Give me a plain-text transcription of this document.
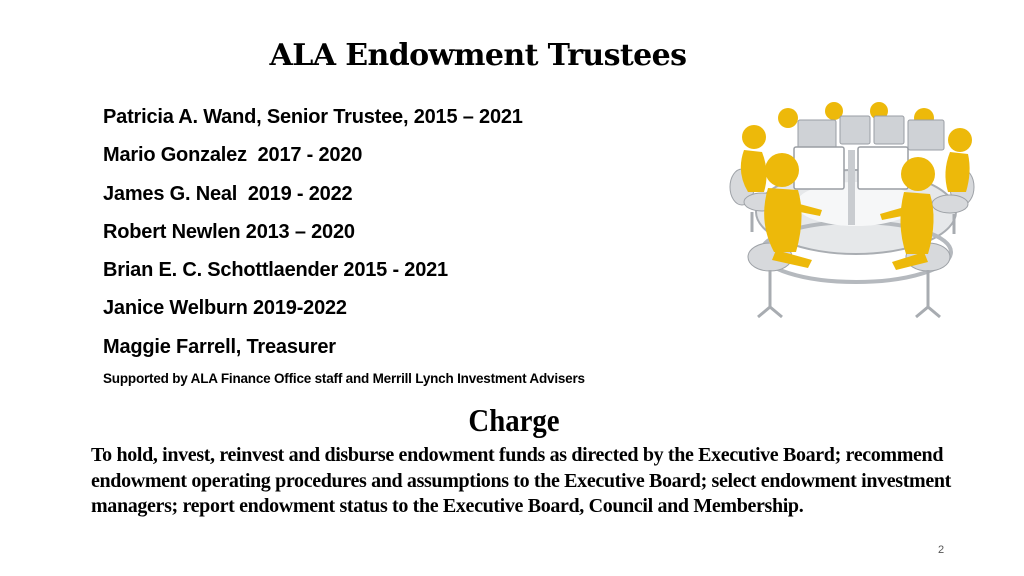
ALA Endowment Trustees
Patricia A. Wand, Senior Trustee, 2015 – 2021
Mario Gonzalez  2017 - 2020
James G. Neal  2019 - 2022
Robert Newlen 2013 – 2020
Brian E. C. Schottlaender 2015 - 2021
Janice Welburn 2019-2022
Maggie Farrell, Treasurer
Supported by ALA Finance Office staff and Merrill Lynch Investment Advisers
Charge
To hold, invest, reinvest and disburse endowment funds as directed by the Executive Board; recommend endowment operating procedures and assumptions to the Executive Board; select endowment investment managers; report endowment status to the Executive Board, Council and Membership.
2
